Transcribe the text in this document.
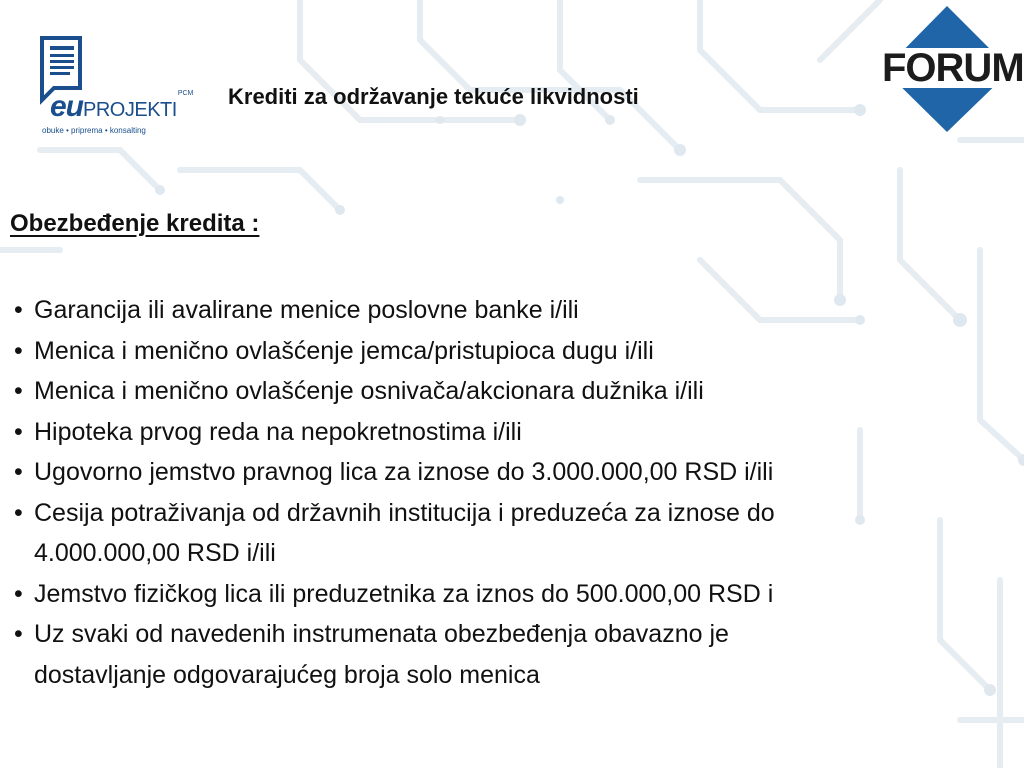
euPROJEKTI$^{PCM}$
obuke • priprema • konsalting
FORUM
Krediti za održavanje tekuće likvidnosti
Obezbeđenje kredita :
• Garancija ili avalirane menice poslovne banke i/ili
• Menica i menično ovlašćenje jemca/pristupioca dugu i/ili
• Menica i menično ovlašćenje osnivača/akcionara dužnika i/ili
• Hipoteka prvog reda na nepokretnostima i/ili
• Ugovorno jemstvo pravnog lica za iznose do 3.000.000,00 RSD i/ili
• Cesija potraživanja od državnih institucija i preduzeća za iznose do
4.000.000,00 RSD i/ili
• Jemstvo fizičkog lica ili preduzetnika za iznos do 500.000,00 RSD i
• Uz svaki od navedenih instrumenata obezbeđenja obavazno je
dostavljanje odgovarajućeg broja solo menica
